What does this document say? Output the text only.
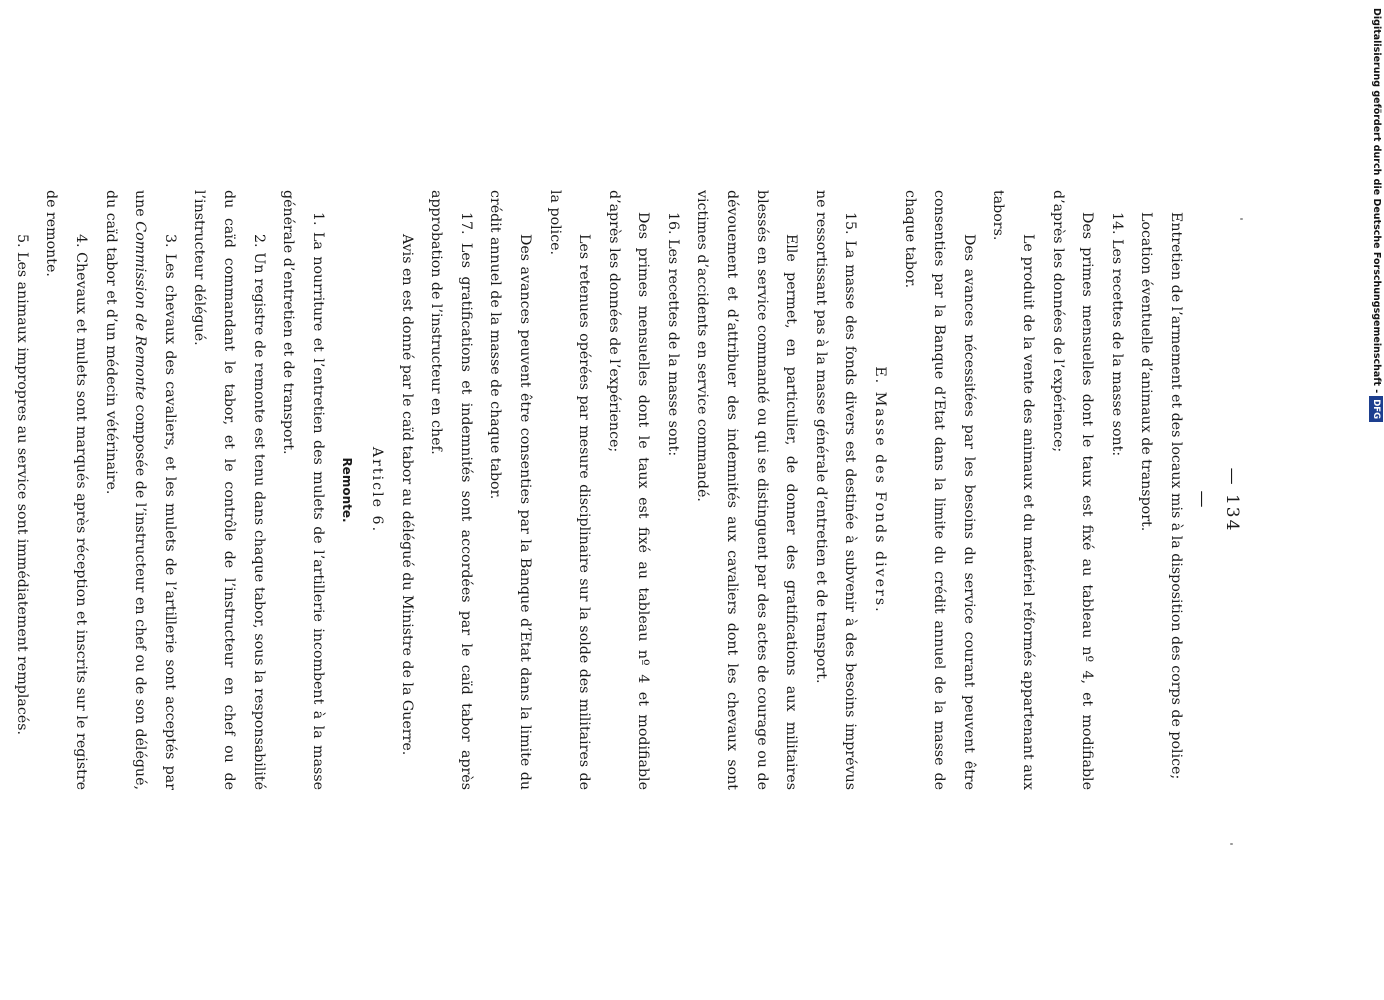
— 134 —

Entretien de l’armement et des locaux mis à la disposition des corps de police;

Location éventuelle d’animaux de transport.

14. Les recettes de la masse sont:

Des primes mensuelles dont le taux est fixé au tableau nº 4, et modifiable d’après les données de l’expérience;

Le produit de la vente des animaux et du matériel réformés appartenant aux tabors.

Des avances nécessitées par les besoins du service courant peuvent être consenties par la Banque d’Etat dans la limite du crédit annuel de la masse de chaque tabor.

E. Masse des Fonds divers.

15. La masse des fonds divers est destinée à subvenir à des besoins imprévus ne ressortissant pas à la masse générale d’entretien et de transport.

Elle permet, en particulier, de donner des gratifications aux militaires blessés en service commandé ou qui se distinguent par des actes de courage ou de dévouement et d’attribuer des indemnités aux cavaliers dont les chevaux sont victimes d’accidents en service commandé.

16. Les recettes de la masse sont:

Des primes mensuelles dont le taux est fixé au tableau nº 4 et modifiable d’après les données de l’expérience;

Les retenues opérées par mesure disciplinaire sur la solde des militaires de la police.

Des avances peuvent être consenties par la Banque d’Etat dans la limite du crédit annuel de la masse de chaque tabor.

17. Les gratifications et indemnités sont accordées par le caïd tabor après approbation de l’instructeur en chef.

Avis en est donné par le caïd tabor au délégué du Ministre de la Guerre.

Article 6.

Remonte.

1. La nourriture et l’entretien des mulets de l’artillerie incombent à la masse générale d’entretien et de transport.

2. Un registre de remonte est tenu dans chaque tabor, sous la responsabilité du caïd commandant le tabor, et le contrôle de l’instructeur en chef ou de l’instructeur délégué.

3. Les chevaux des cavaliers, et les mulets de l’artillerie sont acceptés par une Commission de Remonte composée de l’instructeur en chef ou de son délégué, du caïd tabor et d’un médecin vétérinaire.

4. Chevaux et mulets sont marqués après réception et inscrits sur le registre de remonte.

5. Les animaux impropres au service sont immédiatement remplacés.

Digitalisierung gefördert durch die Deutsche Forschungsgemeinschaft -DFG
